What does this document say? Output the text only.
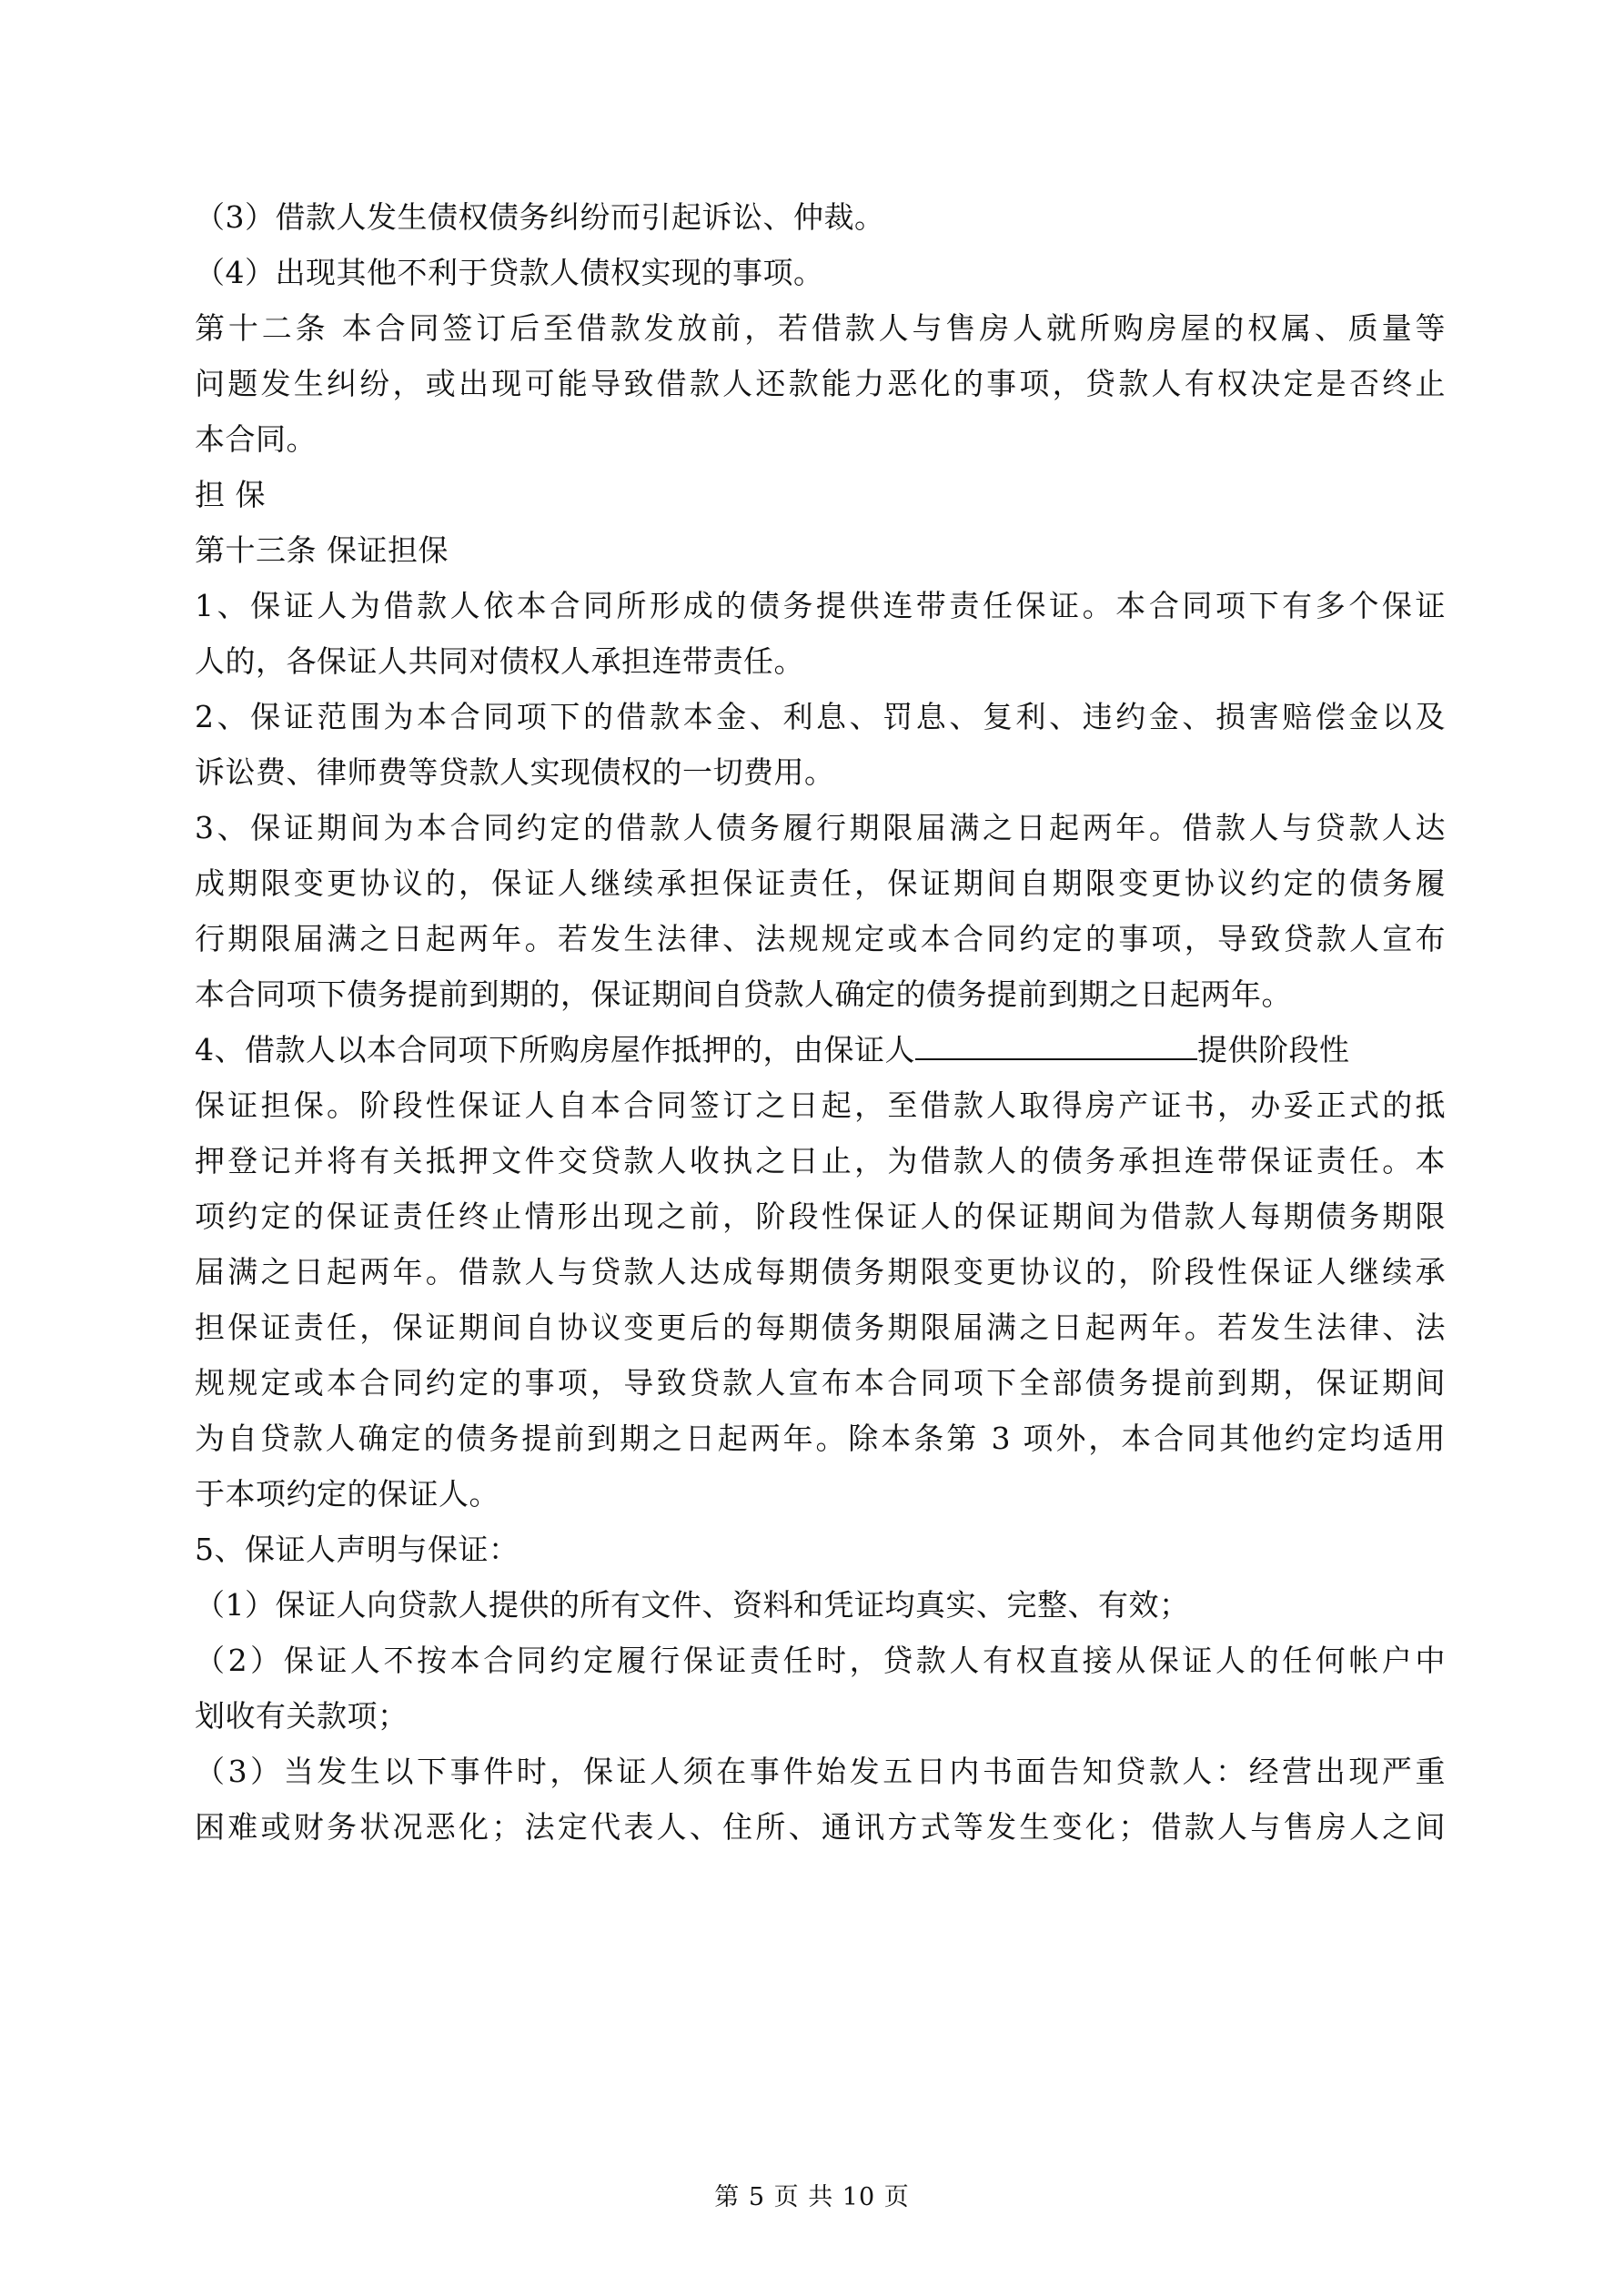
（3）借款人发生债权债务纠纷而引起诉讼、仲裁。
（4）出现其他不利于贷款人债权实现的事项。
第十二条 本合同签订后至借款发放前，若借款人与售房人就所购房屋的权属、质量等
问题发生纠纷，或出现可能导致借款人还款能力恶化的事项，贷款人有权决定是否终止
本合同。
担 保
第十三条 保证担保
1、保证人为借款人依本合同所形成的债务提供连带责任保证。本合同项下有多个保证
人的，各保证人共同对债权人承担连带责任。
2、保证范围为本合同项下的借款本金、利息、罚息、复利、违约金、损害赔偿金以及
诉讼费、律师费等贷款人实现债权的一切费用。
3、保证期间为本合同约定的借款人债务履行期限届满之日起两年。借款人与贷款人达
成期限变更协议的，保证人继续承担保证责任，保证期间自期限变更协议约定的债务履
行期限届满之日起两年。若发生法律、法规规定或本合同约定的事项，导致贷款人宣布
本合同项下债务提前到期的，保证期间自贷款人确定的债务提前到期之日起两年。
4、借款人以本合同项下所购房屋作抵押的，由保证人	提供阶段性
保证担保。阶段性保证人自本合同签订之日起，至借款人取得房产证书，办妥正式的抵
押登记并将有关抵押文件交贷款人收执之日止，为借款人的债务承担连带保证责任。本
项约定的保证责任终止情形出现之前，阶段性保证人的保证期间为借款人每期债务期限
届满之日起两年。借款人与贷款人达成每期债务期限变更协议的，阶段性保证人继续承
担保证责任，保证期间自协议变更后的每期债务期限届满之日起两年。若发生法律、法
规规定或本合同约定的事项，导致贷款人宣布本合同项下全部债务提前到期，保证期间
为自贷款人确定的债务提前到期之日起两年。除本条第 3 项外，本合同其他约定均适用
于本项约定的保证人。
5、保证人声明与保证：
（1）保证人向贷款人提供的所有文件、资料和凭证均真实、完整、有效；
（2）保证人不按本合同约定履行保证责任时，贷款人有权直接从保证人的任何帐户中
划收有关款项；
（3）当发生以下事件时，保证人须在事件始发五日内书面告知贷款人：经营出现严重
困难或财务状况恶化；法定代表人、住所、通讯方式等发生变化；借款人与售房人之间
第 5 页 共 10 页
